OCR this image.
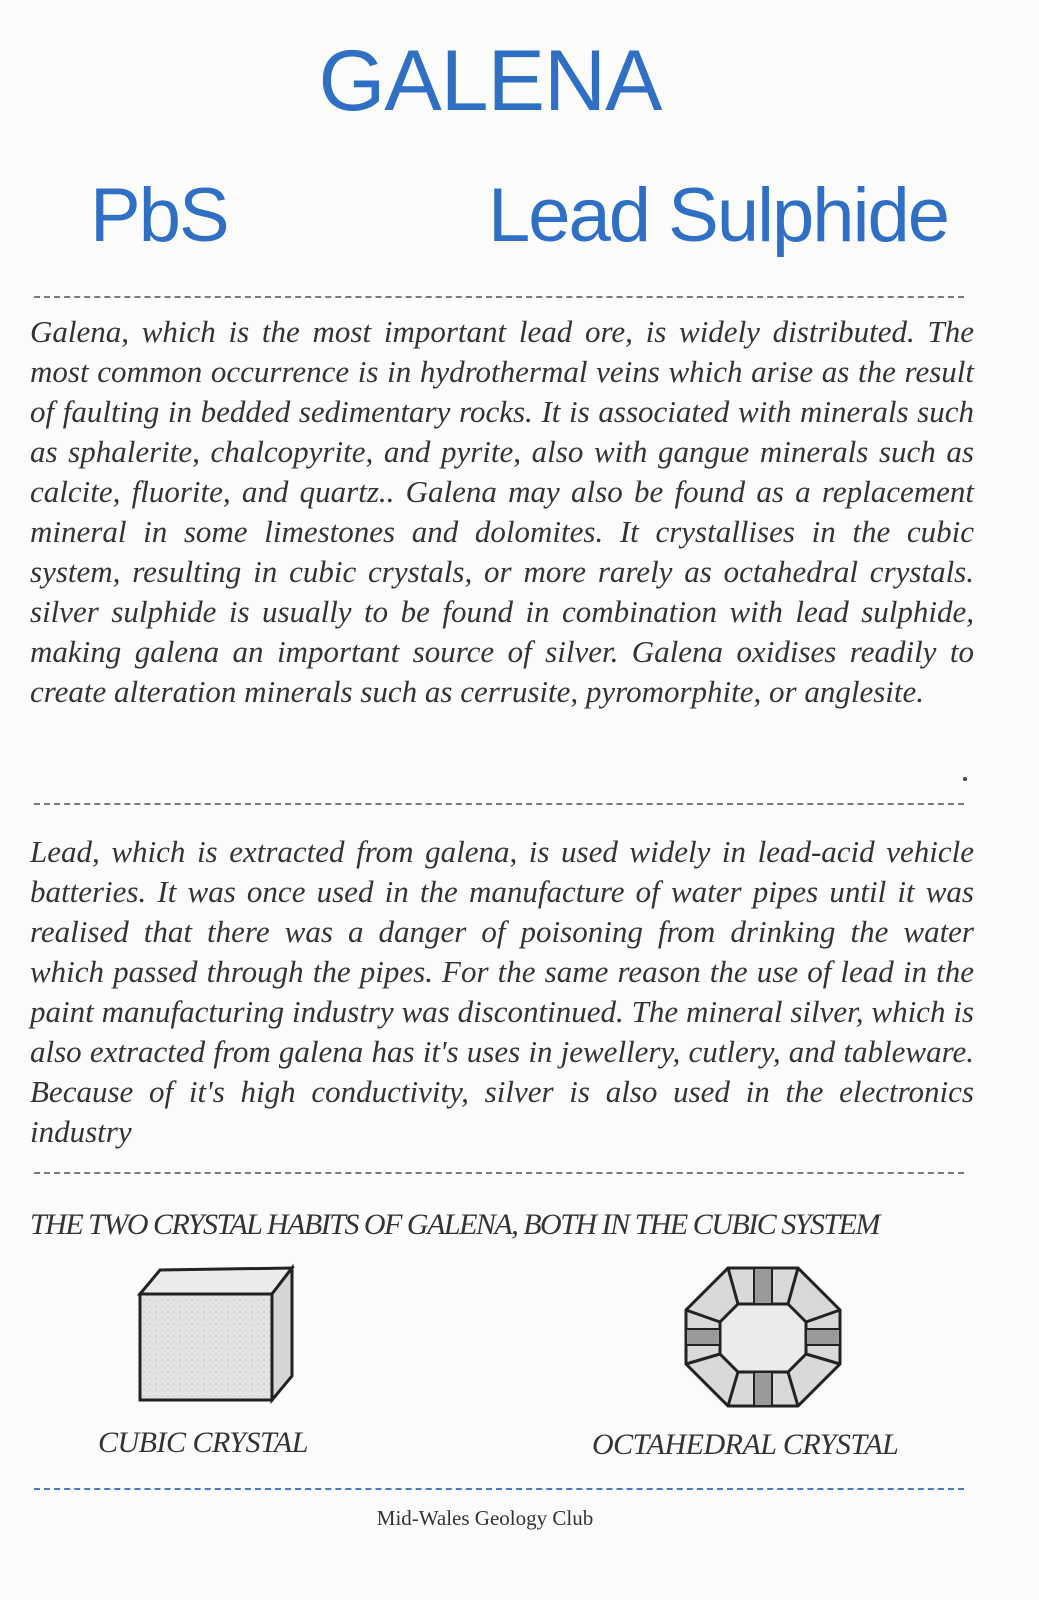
GALENA
PbS	Lead Sulphide

Galena, which is the most important lead ore, is widely distributed. The most common occurrence is in hydrothermal veins which arise as the result of faulting in bedded sedimentary rocks. It is associated with minerals such as sphalerite, chalcopyrite, and pyrite, also with gangue minerals such as calcite, fluorite, and quartz.. Galena may also be found as a replacement mineral in some limestones and dolomites. It crystallises in the cubic system, resulting in cubic crystals, or more rarely as octahedral crystals. silver sulphide is usually to be found in combination with lead sulphide, making galena an important source of silver. Galena oxidises readily to create alteration minerals such as cerrusite, pyromorphite, or anglesite.

Lead, which is extracted from galena, is used widely in lead-acid vehicle batteries. It was once used in the manufacture of water pipes until it was realised that there was a danger of poisoning from drinking the water which passed through the pipes. For the same reason the use of lead in the paint manufacturing industry was discontinued. The mineral silver, which is also extracted from galena has it's uses in jewellery, cutlery, and tableware. Because of it's high conductivity, silver is also used in the electronics industry

THE TWO CRYSTAL HABITS OF GALENA, BOTH IN THE CUBIC SYSTEM
CUBIC CRYSTAL	OCTAHEDRAL CRYSTAL
Mid-Wales Geology Club
